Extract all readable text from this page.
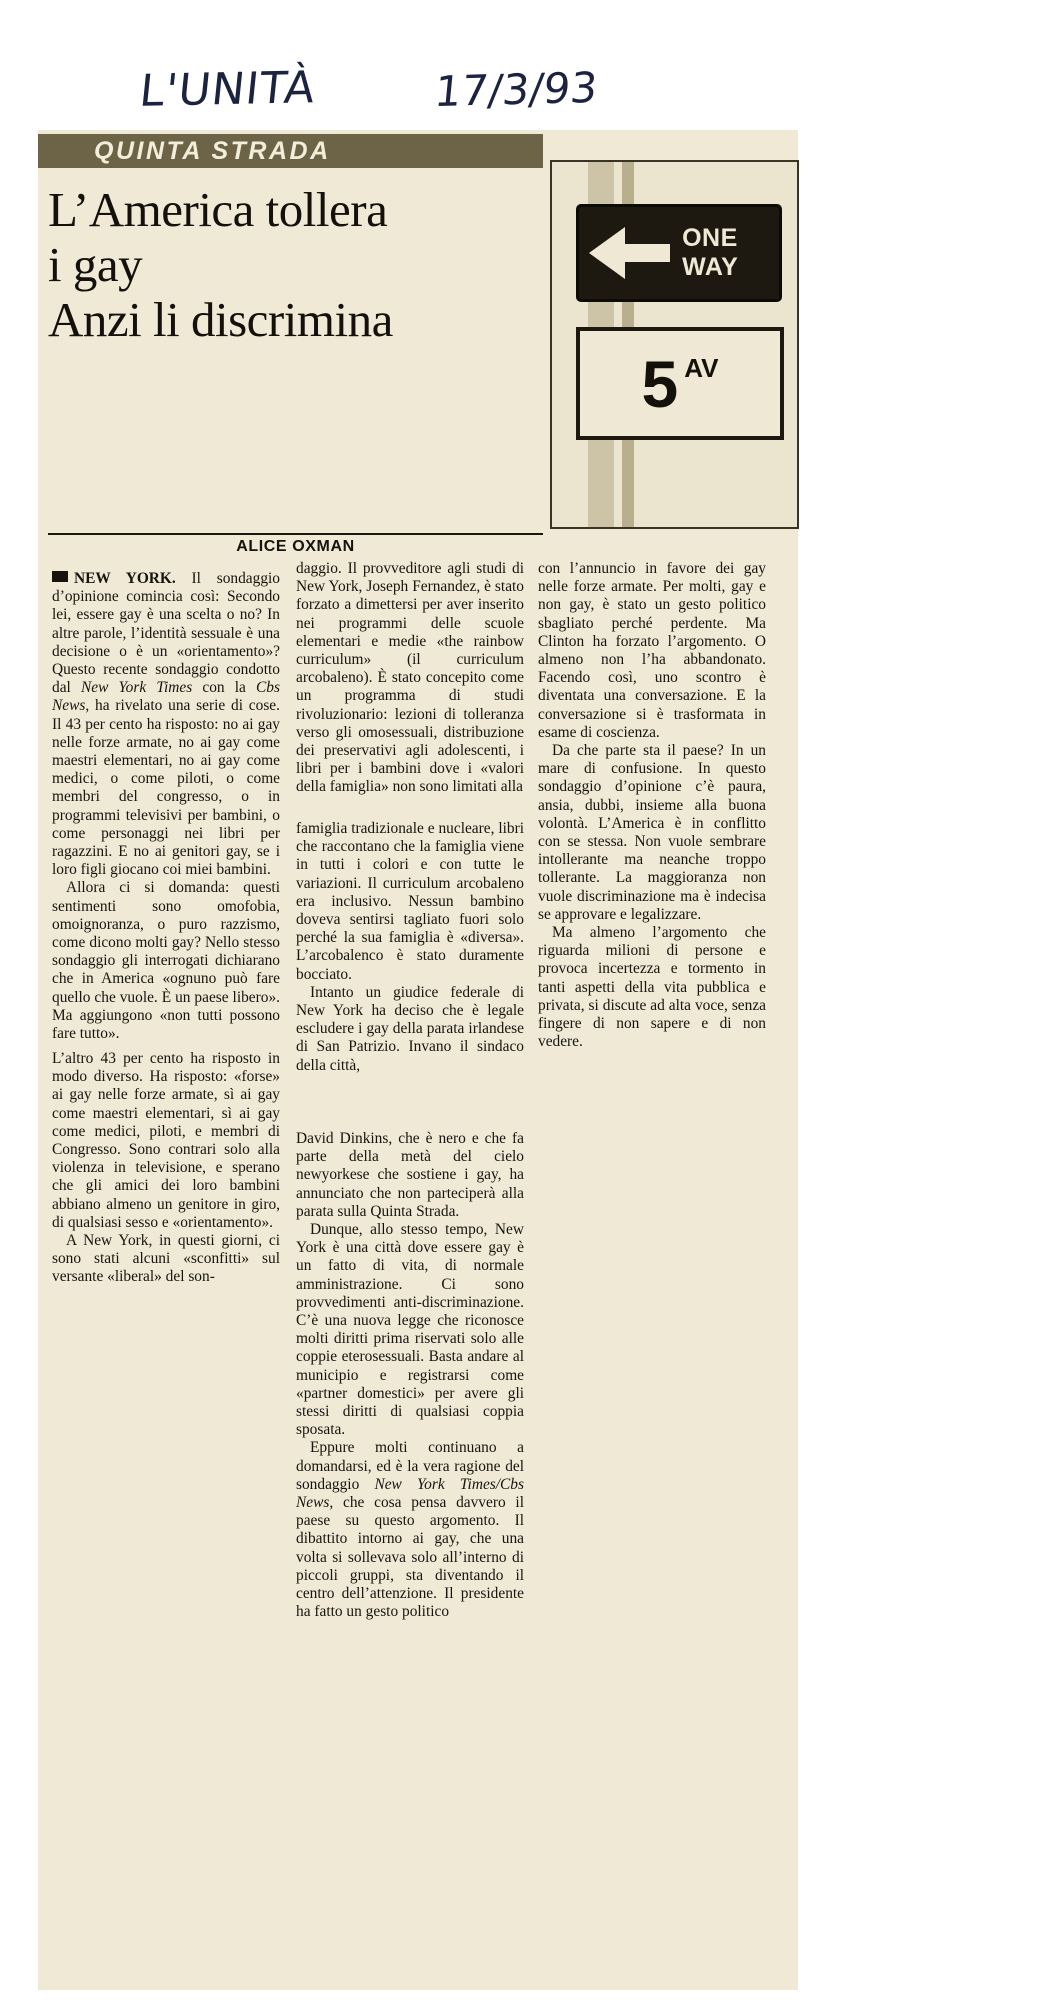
L'UNITÀ	17/3/93
QUINTA STRADA
L’America tollera
i gay
Anzi li discrimina
ALICE OXMAN
ONE WAY
5 AV

NEW YORK. Il sondaggio d’opinione comincia così: Secondo lei, essere gay è una scelta o no? In altre parole, l’identità sessuale è una decisione o è un «orientamento»? Questo recente sondaggio condotto dal New York Times con la Cbs News, ha rivelato una serie di cose. Il 43 per cento ha risposto: no ai gay nelle forze armate, no ai gay come maestri elementari, no ai gay come medici, o come piloti, o come membri del congresso, o in programmi televisivi per bambini, o come personaggi nei libri per ragazzini. E no ai genitori gay, se i loro figli giocano coi miei bambini.

Allora ci si domanda: questi sentimenti sono omofobia, omoignoranza, o puro razzismo, come dicono molti gay? Nello stesso sondaggio gli interrogati dichiarano che in America «ognuno può fare quello che vuole. È un paese libero». Ma aggiungono «non tutti possono fare tutto».

L’altro 43 per cento ha risposto in modo diverso. Ha risposto: «forse» ai gay nelle forze armate, sì ai gay come maestri elementari, sì ai gay come medici, piloti, e membri di Congresso. Sono contrari solo alla violenza in televisione, e sperano che gli amici dei loro bambini abbiano almeno un genitore in giro, di qualsiasi sesso e «orientamento».

A New York, in questi giorni, ci sono stati alcuni «sconfitti» sul versante «liberal» del son-

daggio. Il provveditore agli studi di New York, Joseph Fernandez, è stato forzato a dimettersi per aver inserito nei programmi delle scuole elementari e medie «the rainbow curriculum» (il curriculum arcobaleno). È stato concepito come un programma di studi rivoluzionario: lezioni di tolleranza verso gli omosessuali, distribuzione dei preservativi agli adolescenti, i libri per i bambini dove i «valori della famiglia» non sono limitati alla

famiglia tradizionale e nucleare, libri che raccontano che la famiglia viene in tutti i colori e con tutte le variazioni. Il curriculum arcobaleno era inclusivo. Nessun bambino doveva sentirsi tagliato fuori solo perché la sua famiglia è «diversa». L’arcobalenco è stato duramente bocciato.

Intanto un giudice federale di New York ha deciso che è legale escludere i gay della parata irlandese di San Patrizio. Invano il sindaco della città,

David Dinkins, che è nero e che fa parte della metà del cielo newyorkese che sostiene i gay, ha annunciato che non parteciperà alla parata sulla Quinta Strada.

Dunque, allo stesso tempo, New York è una città dove essere gay è un fatto di vita, di normale amministrazione. Ci sono provvedimenti anti-discriminazione. C’è una nuova legge che riconosce molti diritti prima riservati solo alle coppie eterosessuali. Basta andare al municipio e registrarsi come «partner domestici» per avere gli stessi diritti di qualsiasi coppia sposata.

Eppure molti continuano a domandarsi, ed è la vera ragione del sondaggio New York Times/Cbs News, che cosa pensa davvero il paese su questo argomento. Il dibattito intorno ai gay, che una volta si sollevava solo all’interno di piccoli gruppi, sta diventando il centro dell’attenzione. Il presidente ha fatto un gesto politico

con l’annuncio in favore dei gay nelle forze armate. Per molti, gay e non gay, è stato un gesto politico sbagliato perché perdente. Ma Clinton ha forzato l’argomento. O almeno non l’ha abbandonato. Facendo così, uno scontro è diventata una conversazione. E la conversazione si è trasformata in esame di coscienza.

Da che parte sta il paese? In un mare di confusione. In questo sondaggio d’opinione c’è paura, ansia, dubbi, insieme alla buona volontà. L’America è in conflitto con se stessa. Non vuole sembrare intollerante ma neanche troppo tollerante. La maggioranza non vuole discriminazione ma è indecisa se approvare e legalizzare.

Ma almeno l’argomento che riguarda milioni di persone e provoca incertezza e tormento in tanti aspetti della vita pubblica e privata, si discute ad alta voce, senza fingere di non sapere e di non vedere.
